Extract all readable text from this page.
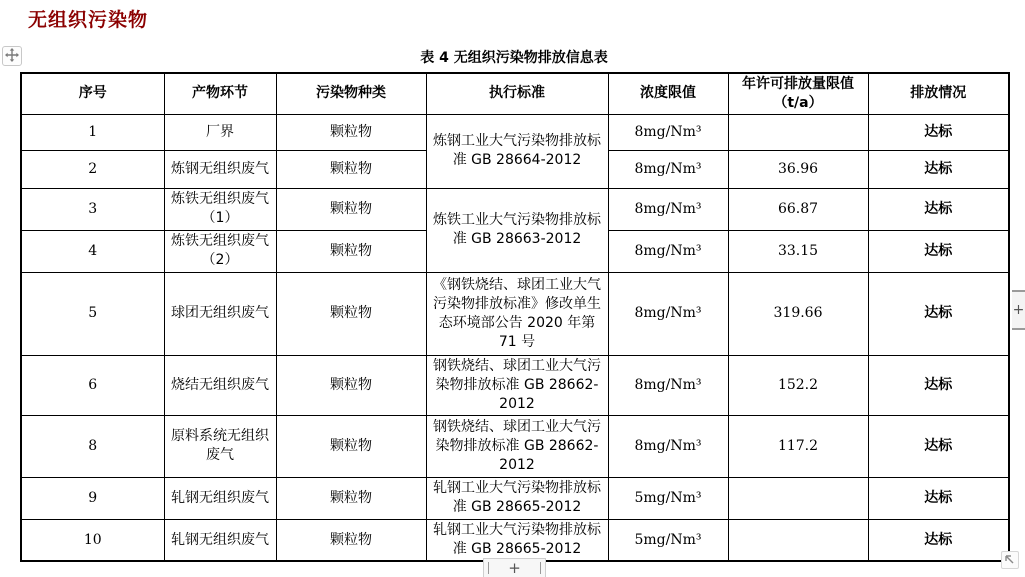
无组织污染物
表 4 无组织污染物排放信息表
序号	产物环节	污染物种类	执行标准	浓度限值	年许可排放量限值（t/a）	排放情况
1	厂界	颗粒物	炼钢工业大气污染物排放标准 GB 28664-2012	8mg/Nm³		达标
2	炼钢无组织废气	颗粒物		8mg/Nm³	36.96	达标
3	炼铁无组织废气（1）	颗粒物	炼铁工业大气污染物排放标准 GB 28663-2012	8mg/Nm³	66.87	达标
4	炼铁无组织废气（2）	颗粒物		8mg/Nm³	33.15	达标
5	球团无组织废气	颗粒物	《钢铁烧结、球团工业大气污染物排放标准》修改单生态环境部公告 2020 年第 71 号	8mg/Nm³	319.66	达标
6	烧结无组织废气	颗粒物	钢铁烧结、球团工业大气污染物排放标准 GB 28662-2012	8mg/Nm³	152.2	达标
8	原料系统无组织废气	颗粒物	钢铁烧结、球团工业大气污染物排放标准 GB 28662-2012	8mg/Nm³	117.2	达标
9	轧钢无组织废气	颗粒物	轧钢工业大气污染物排放标准 GB 28665-2012	5mg/Nm³		达标
10	轧钢无组织废气	颗粒物	轧钢工业大气污染物排放标准 GB 28665-2012	5mg/Nm³		达标
+
+
